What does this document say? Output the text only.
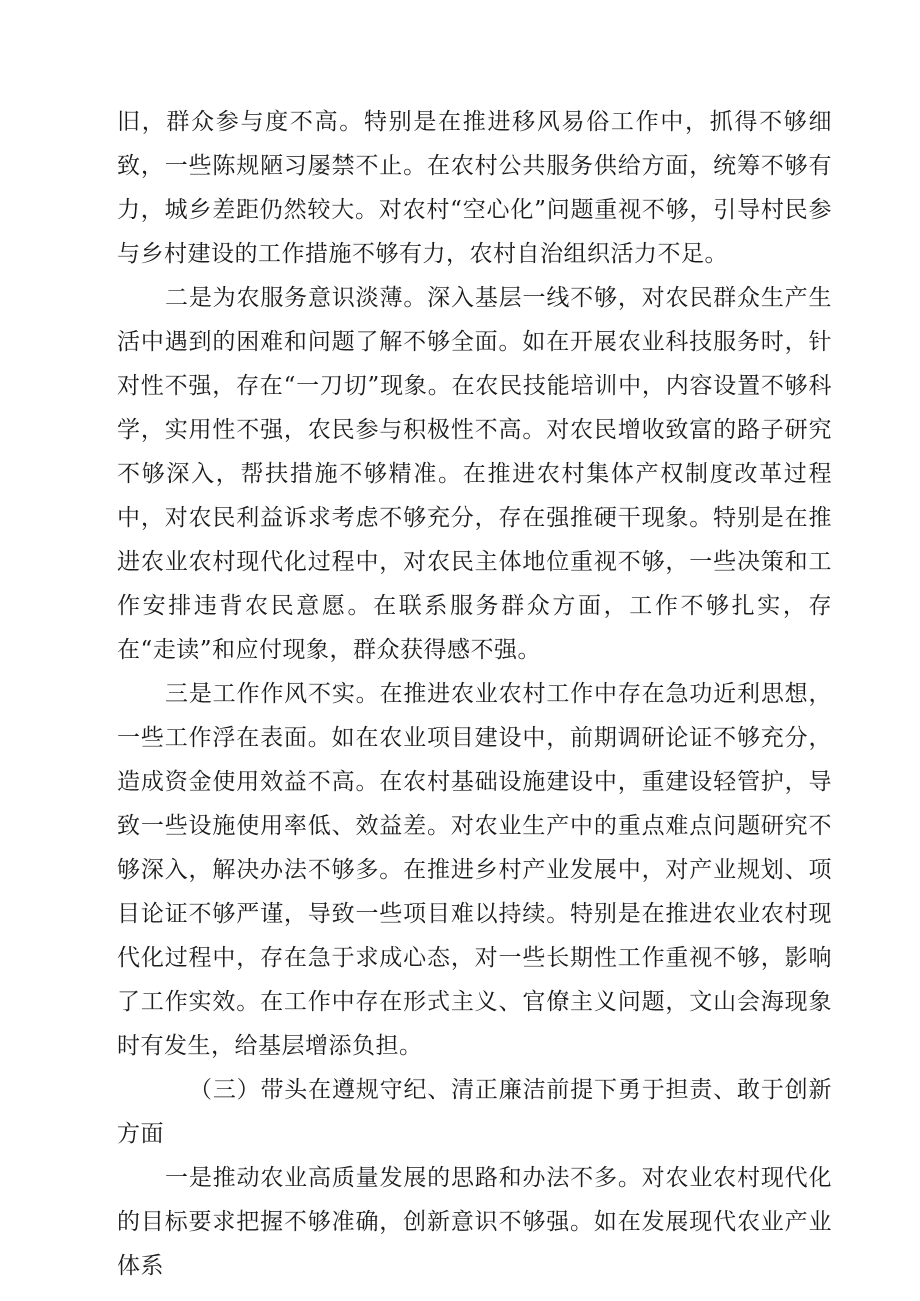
旧，群众参与度不高。特别是在推进移风易俗工作中，抓得不够细致，一些陈规陋习屡禁不止。在农村公共服务供给方面，统筹不够有力，城乡差距仍然较大。对农村“空心化”问题重视不够，引导村民参与乡村建设的工作措施不够有力，农村自治组织活力不足。

二是为农服务意识淡薄。深入基层一线不够，对农民群众生产生活中遇到的困难和问题了解不够全面。如在开展农业科技服务时，针对性不强，存在“一刀切”现象。在农民技能培训中，内容设置不够科学，实用性不强，农民参与积极性不高。对农民增收致富的路子研究不够深入，帮扶措施不够精准。在推进农村集体产权制度改革过程中，对农民利益诉求考虑不够充分，存在强推硬干现象。特别是在推进农业农村现代化过程中，对农民主体地位重视不够，一些决策和工作安排违背农民意愿。在联系服务群众方面，工作不够扎实，存在“走读”和应付现象，群众获得感不强。

三是工作作风不实。在推进农业农村工作中存在急功近利思想，一些工作浮在表面。如在农业项目建设中，前期调研论证不够充分，造成资金使用效益不高。在农村基础设施建设中，重建设轻管护，导致一些设施使用率低、效益差。对农业生产中的重点难点问题研究不够深入，解决办法不够多。在推进乡村产业发展中，对产业规划、项目论证不够严谨，导致一些项目难以持续。特别是在推进农业农村现代化过程中，存在急于求成心态，对一些长期性工作重视不够，影响了工作实效。在工作中存在形式主义、官僚主义问题，文山会海现象时有发生，给基层增添负担。

（三）带头在遵规守纪、清正廉洁前提下勇于担责、敢于创新方面

一是推动农业高质量发展的思路和办法不多。对农业农村现代化的目标要求把握不够准确，创新意识不够强。如在发展现代农业产业体系
